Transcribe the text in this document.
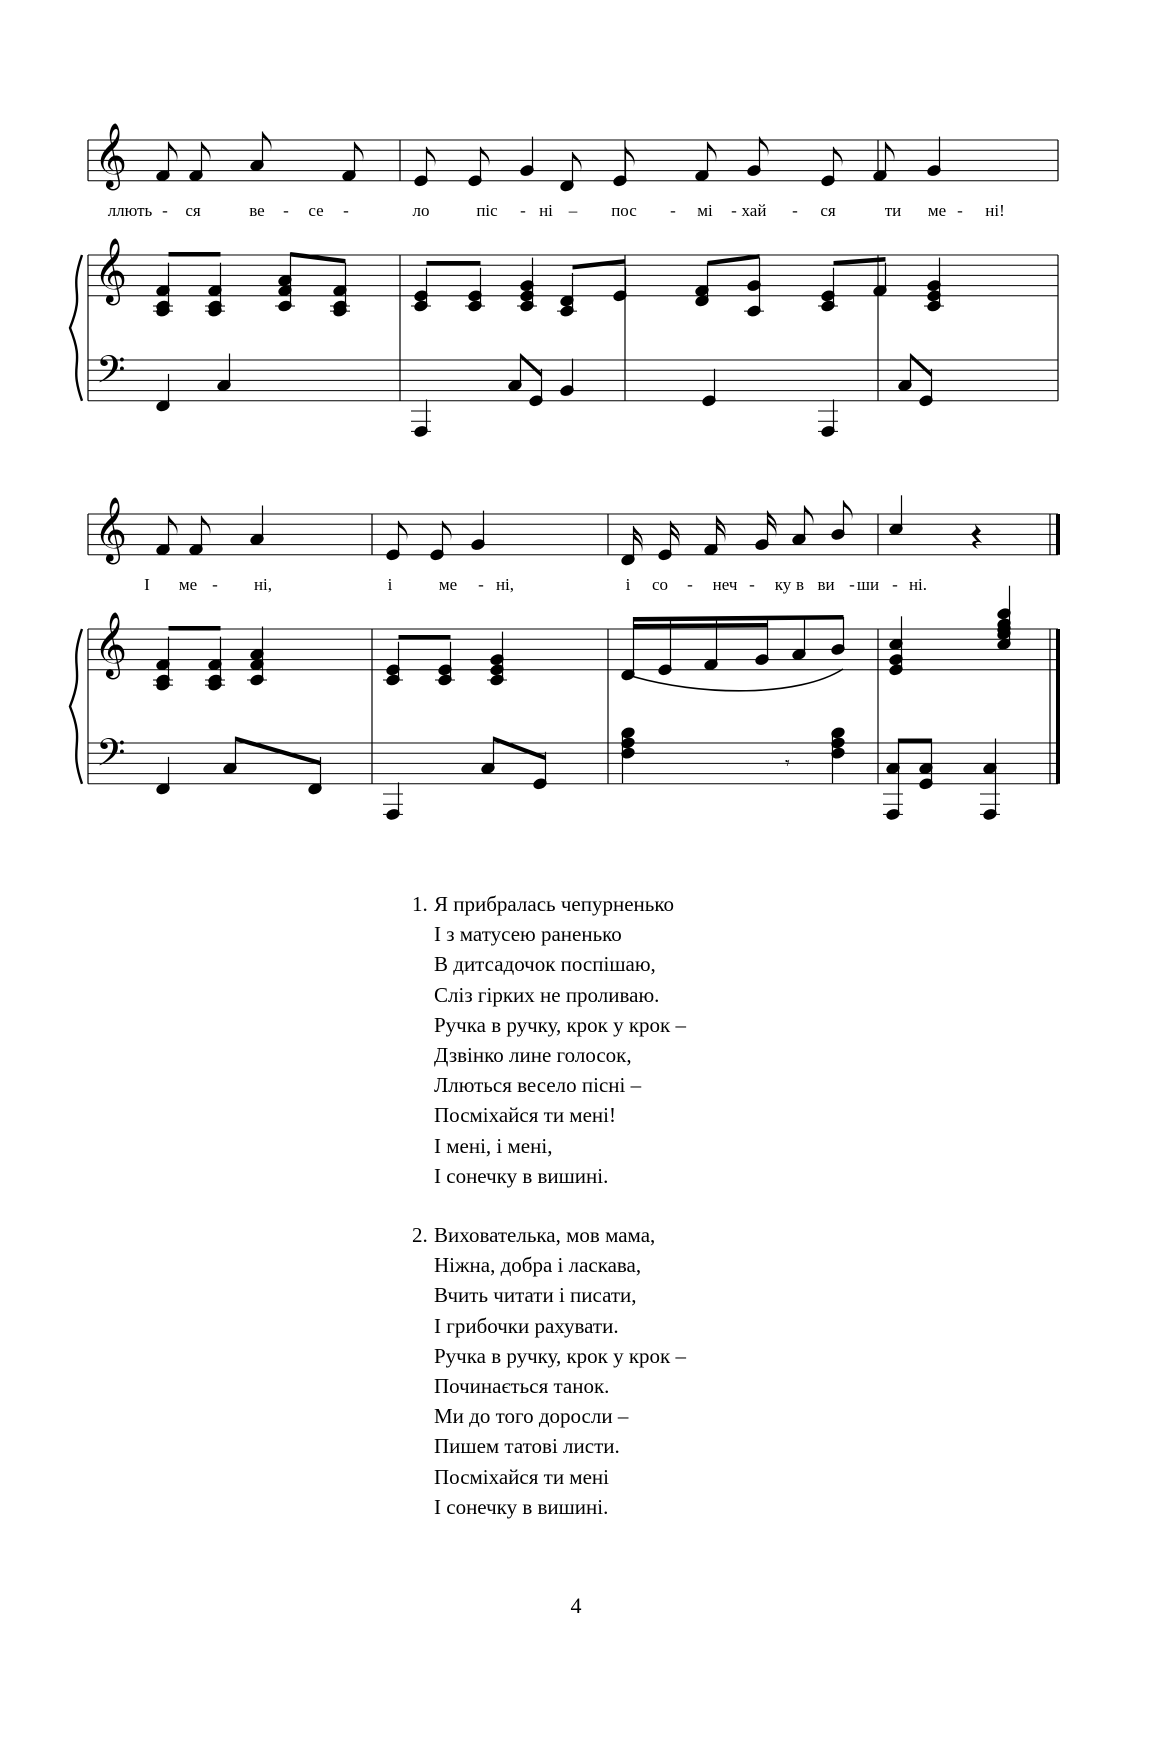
𝄞
𝄞
𝄢
𝄞
𝄞
𝄢	𝄾
ллють - ся	ве - се -	ло	піс - ні – пос - мі - хай - ся	ти ме - ні!
І ме - ні,	і	ме - ні,	і со - неч - ку в ви - ши - ні.
1. Я прибралась чепурненько
І з матусею раненько
В дитсадочок поспішаю,
Сліз гірких не проливаю.
Ручка в ручку, крок у крок –
Дзвінко лине голосок,
Ллються весело пісні –
Посміхайся ти мені!
І мені, і мені,
І сонечку в вишині.
2. Вихователька, мов мама,
Ніжна, добра і ласкава,
Вчить читати і писати,
І грибочки рахувати.
Ручка в ручку, крок у крок –
Починається танок.
Ми до того доросли –
Пишем татові листи.
Посміхайся ти мені
І сонечку в вишині.
4
